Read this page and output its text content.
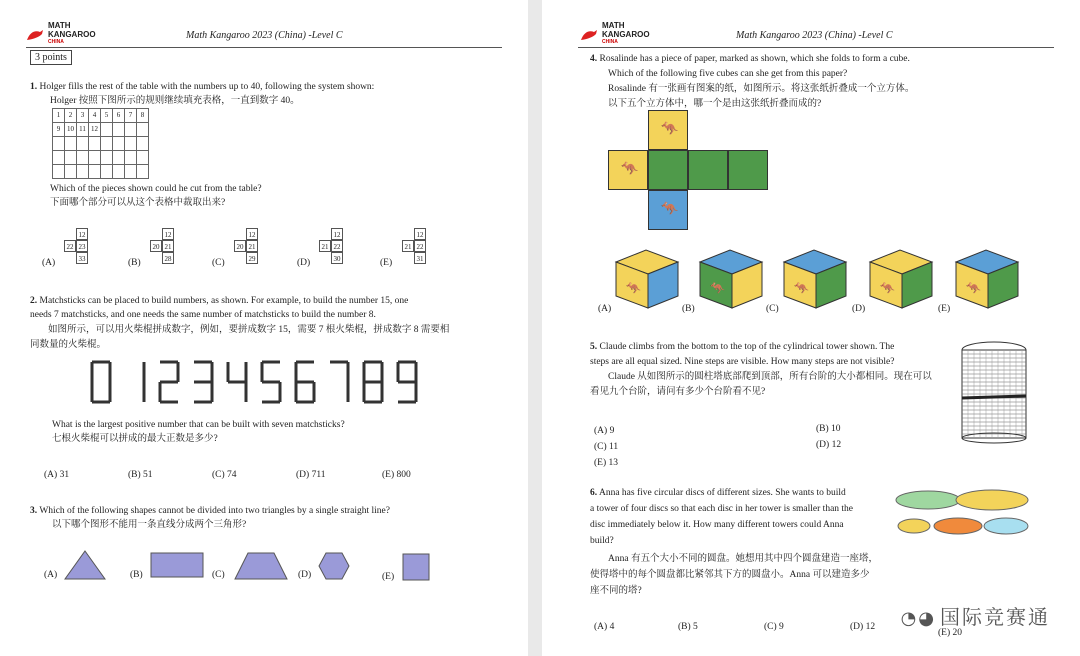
MATH
KANGAROO
CHINA
Math Kangaroo 2023 (China) -Level C
3 points
1. Holger fills the rest of the table with the numbers up to 40, following the system shown:
Holger 按照下图所示的规则继续填充表格，一直到数字 40。
1	2	3	4	5	6	7	8
9	10	11	12				

Which of the pieces shown could he cut from the table?
下面哪个部分可以从这个表格中裁取出来?
(A)
12
22 23
33	(B)
12
20 21
28	(C)
12
20 21
29	(D)
12
21 22
30	(E)
12
21 22
31
2. Matchsticks can be placed to build numbers, as shown. For example, to build the number 15, one
needs 7 matchsticks, and one needs the same number of matchsticks to build the number 8.
如图所示，可以用火柴棍拼成数字，例如，要拼成数字 15，需要 7 根火柴棍，拼成数字 8 需要相
同数量的火柴棍。
What is the largest positive number that can be built with seven matchsticks?
七根火柴棍可以拼成的最大正数是多少?
(A) 31	(B) 51	(C) 74	(D) 711	(E) 800
3. Which of the following shapes cannot be divided into two triangles by a single straight line?
以下哪个图形不能用一条直线分成两个三角形?
(A)	(B)	(C)	(D)	(E)
MATH
KANGAROO
CHINA
Math Kangaroo 2023 (China) -Level C
4. Rosalinde has a piece of paper, marked as shown, which she folds to form a cube.
Which of the following five cubes can she get from this paper?
Rosalinde 有一张画有图案的纸，如图所示。将这张纸折叠成一个立方体。
以下五个立方体中，哪一个是由这张纸折叠而成的?
🦘
🦘
🦘
🦘
(A)
🦘
(B)
🦘
(C)
🦘
(D)
🦘
(E)
5. Claude climbs from the bottom to the top of the cylindrical tower shown. The
steps are all equal sized. Nine steps are visible. How many steps are not visible?
Claude 从如图所示的圆柱塔底部爬到顶部，所有台阶的大小都相同。现在可以
看见九个台阶，请问有多少个台阶看不见?
(A) 9	(B) 10
(C) 11	(D) 12
(E) 13
6. Anna has five circular discs of different sizes. She wants to build
a tower of four discs so that each disc in her tower is smaller than the
disc immediately below it. How many different towers could Anna
build?
Anna 有五个大小不同的圆盘。她想用其中四个圆盘建造一座塔，
使得塔中的每个圆盘都比紧邻其下方的圆盘小。Anna 可以建造多少
座不同的塔?
(A) 4	(B) 5	(C) 9	(D) 12
(E) 20
◔◕ 国际竞赛通
